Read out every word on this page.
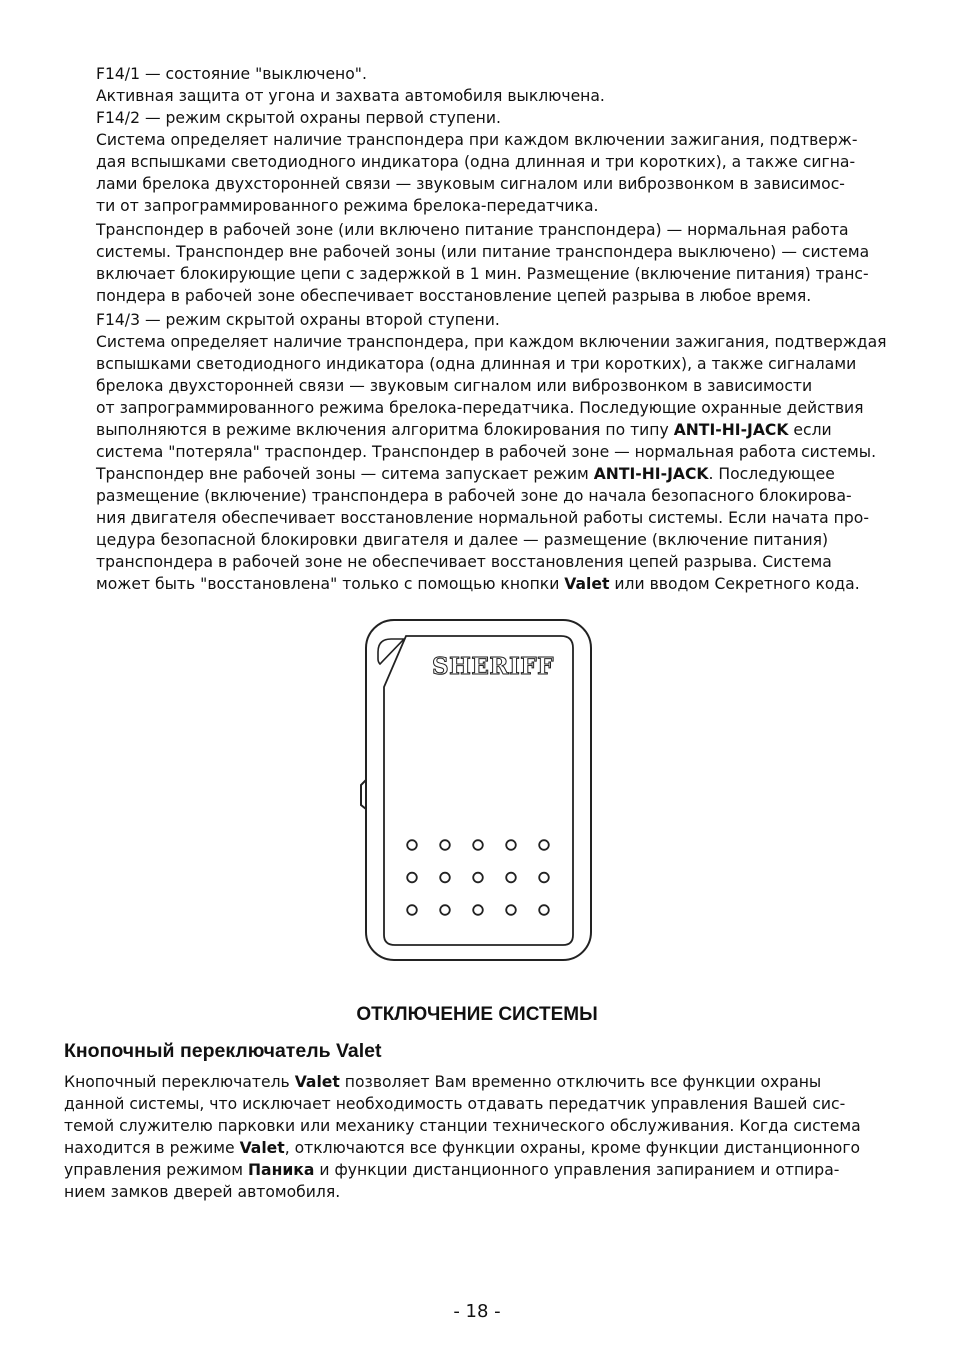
F14/1 — состояние "выключено".
Активная защита от угона и захвата автомобиля выключена.
F14/2 — режим скрытой охраны первой ступени.
Система определяет наличие транспондера при каждом включении зажигания, подтверж-
дая вспышками светодиодного индикатора (одна длинная и три коротких), а также сигна-
лами брелока двухсторонней связи — звуковым сигналом или виброзвонком в зависимос-
ти от запрограммированного режима брелока-передатчика.
Транспондер в рабочей зоне (или включено питание транспондера) — нормальная работа
системы. Транспондер вне рабочей зоны (или питание транспондера выключено) — система
включает блокирующие цепи с задержкой в 1 мин. Размещение (включение питания) транс-
пондера в рабочей зоне обеспечивает восстановление цепей разрыва в любое время.
F14/3 — режим скрытой охраны второй ступени.
Система определяет наличие транспондера, при каждом включении зажигания, подтверждая
вспышками светодиодного индикатора (одна длинная и три коротких), а также сигналами
брелока двухсторонней связи — звуковым сигналом или виброзвонком в зависимости
от запрограммированного режима брелока-передатчика. Последующие охранные действия
выполняются в режиме включения алгоритма блокирования по типу ANTI-HI-JACK если
система "потеряла" траспондер. Транспондер в рабочей зоне — нормальная работа системы.
Транспондер вне рабочей зоны — ситема запускает режим ANTI-HI-JACK. Последующее
размещение (включение) транспондера в рабочей зоне до начала безопасного блокирова-
ния двигателя обеспечивает восстановление нормальной работы системы. Если начата про-
цедура безопасной блокировки двигателя и далее — размещение (включение питания)
транспондера в рабочей зоне не обеспечивает восстановления цепей разрыва. Система
может быть "восстановлена" только с помощью кнопки Valet или вводом Секретного кода.
SHERIFF
ОТКЛЮЧЕНИЕ СИСТЕМЫ
Кнопочный переключатель Valet
Кнопочный переключатель Valet позволяет Вам временно отключить все функции охраны
данной системы, что исключает необходимость отдавать передатчик управления Вашей сис-
темой служителю парковки или механику станции технического обслуживания. Когда система
находится в режиме Valet, отключаются все функции охраны, кроме функции дистанционного
управления режимом Паника и функции дистанционного управления запиранием и отпира-
нием замков дверей автомобиля.
- 18 -
